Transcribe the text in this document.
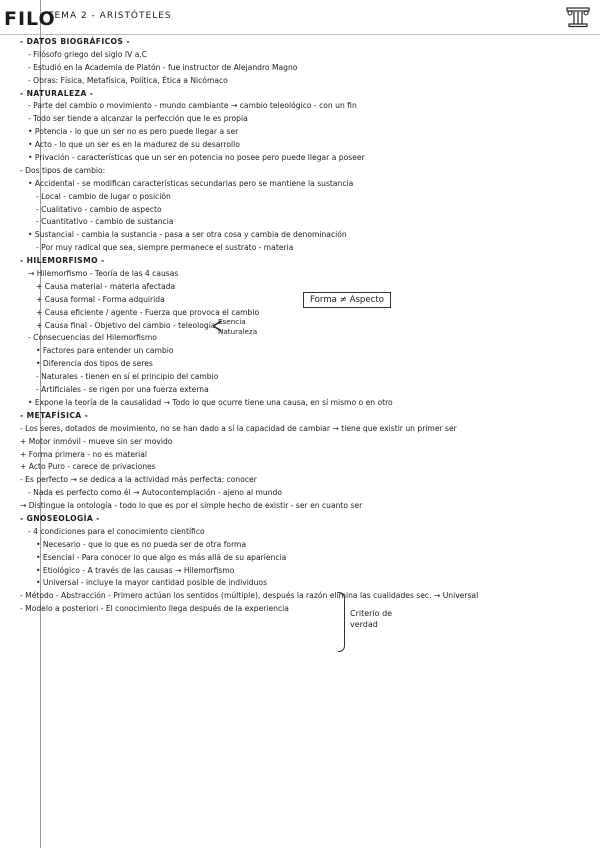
FILO
TEMA 2 - ARISTÓTELES
- DATOS BIOGRÁFICOS -
- Filósofo griego del siglo IV a.C
- Estudió en la Academia de Platón - fue instructor de Alejandro Magno
- Obras: Física, Metafísica, Política, Ética a Nicómaco
- NATURALEZA -
- Parte del cambio o movimiento - mundo cambiante → cambio teleológico - con un fin
- Todo ser tiende a alcanzar la perfección que le es propia
• Potencia - lo que un ser no es pero puede llegar a ser
• Acto - lo que un ser es en la madurez de su desarrollo
• Privación - características que un ser en potencia no posee pero puede llegar a poseer
- Dos tipos de cambio:
• Accidental - se modifican características secundarias pero se mantiene la sustancia
- Local - cambio de lugar o posición
- Cualitativo - cambio de aspecto
- Cuantitativo - cambio de sustancia
• Sustancial - cambia la sustancia - pasa a ser otra cosa y cambia de denominación
- Por muy radical que sea, siempre permanece el sustrato - materia
- HILEMORFISMO -
→ Hilemorfismo - Teoría de las 4 causas
+ Causa material - materia afectada
+ Causa formal - Forma adquirida
+ Causa eficiente / agente - Fuerza que provoca el cambio
+ Causa final - Objetivo del cambio - teleología
- Consecuencias del Hilemorfismo
• Factores para entender un cambio
• Diferencia dos tipos de seres
- Naturales - tienen en sí el principio del cambio
- Artificiales - se rigen por una fuerza externa
• Expone la teoría de la causalidad → Todo lo que ocurre tiene una causa, en sí mismo o en otro
- METAFÍSICA -
- Los seres, dotados de movimiento, no se han dado a sí la capacidad de cambiar → tiene que existir un primer ser
+ Motor inmóvil - mueve sin ser movido
+ Forma primera - no es material
+ Acto Puro - carece de privaciones
- Es perfecto → se dedica a la actividad más perfecta: conocer
- Nada es perfecto como él → Autocontemplación - ajeno al mundo
→ Distingue la ontología - todo lo que es por el simple hecho de existir - ser en cuanto ser
- GNOSEOLOGÍA -
- 4 condiciones para el conocimiento científico
• Necesario - que lo que es no pueda ser de otra forma
• Esencial - Para conocer lo que algo es más allá de su apariencia
• Etiológico - A través de las causas → Hilemorfismo
• Universal - incluye la mayor cantidad posible de individuos
- Método - Abstracción - Primero actúan los sentidos (múltiple), después la razón elimina las cualidades sec. → Universal
- Modelo a posteriori - El conocimiento llega después de la experiencia
Forma ≠ Aspecto
<
Esencia
Naturaleza
Criterio de verdad
